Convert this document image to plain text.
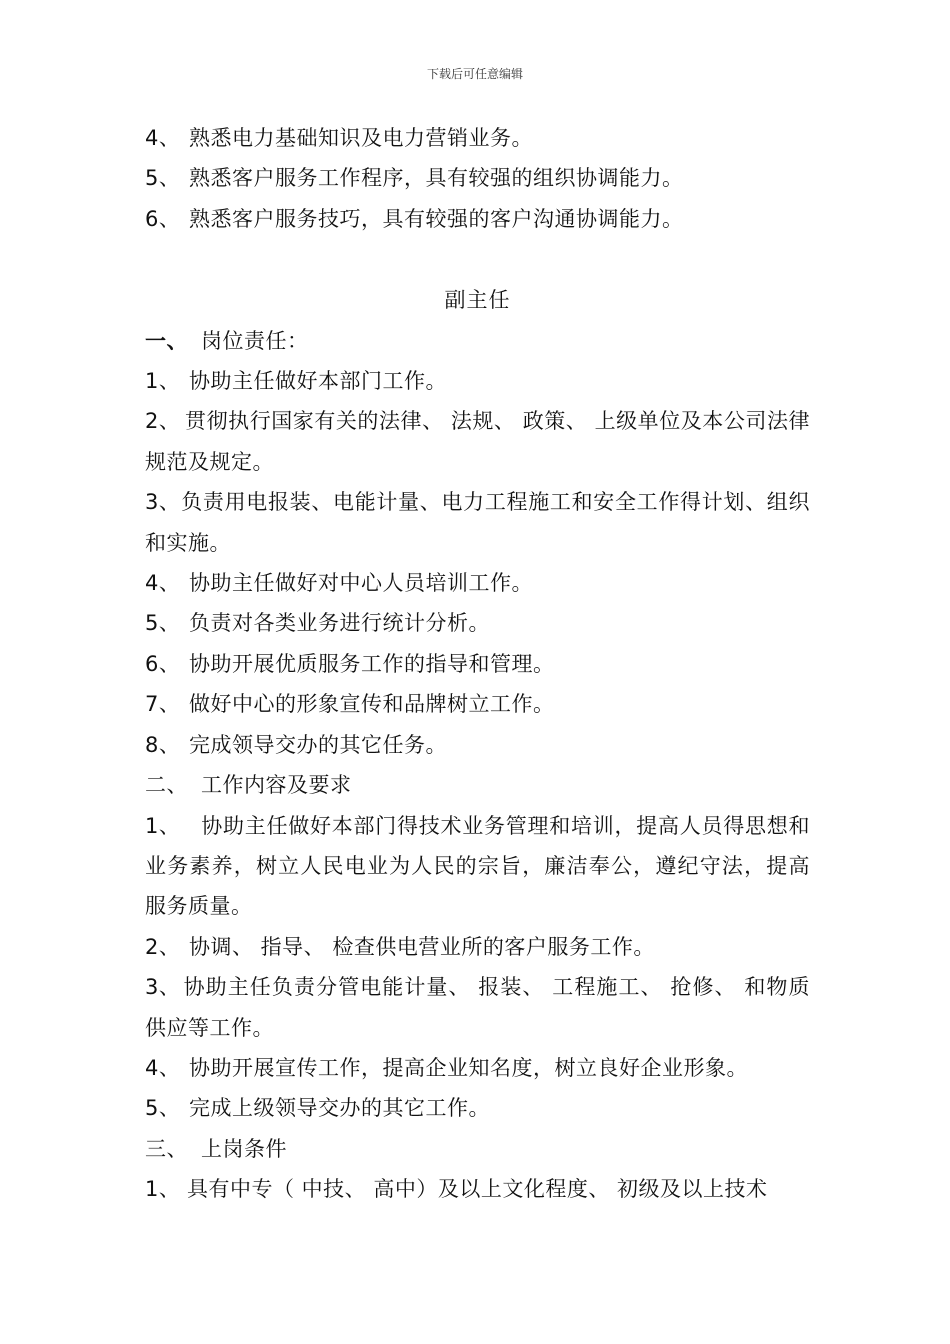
下载后可任意编辑

4、 熟悉电力基础知识及电力营销业务。

5、 熟悉客户服务工作程序，具有较强的组织协调能力。

6、 熟悉客户服务技巧，具有较强的客户沟通协调能力。

副主任

一、 岗位责任：

1、 协助主任做好本部门工作。

2、 贯彻执行国家有关的法律、 法规、 政策、 上级单位及本公司法律规范及规定。

3、负责用电报装、电能计量、电力工程施工和安全工作得计划、组织和实施。

4、 协助主任做好对中心人员培训工作。

5、 负责对各类业务进行统计分析。

6、 协助开展优质服务工作的指导和管理。

7、 做好中心的形象宣传和品牌树立工作。

8、 完成领导交办的其它任务。

二、 工作内容及要求

1、 协助主任做好本部门得技术业务管理和培训，提高人员得思想和业务素养，树立人民电业为人民的宗旨，廉洁奉公，遵纪守法，提高服务质量。

2、 协调、 指导、 检查供电营业所的客户服务工作。

3、 协助主任负责分管电能计量、 报装、 工程施工、 抢修、 和物质供应等工作。

4、 协助开展宣传工作，提高企业知名度，树立良好企业形象。

5、 完成上级领导交办的其它工作。

三、 上岗条件

1、 具有中专（ 中技、 高中）及以上文化程度、 初级及以上技术
